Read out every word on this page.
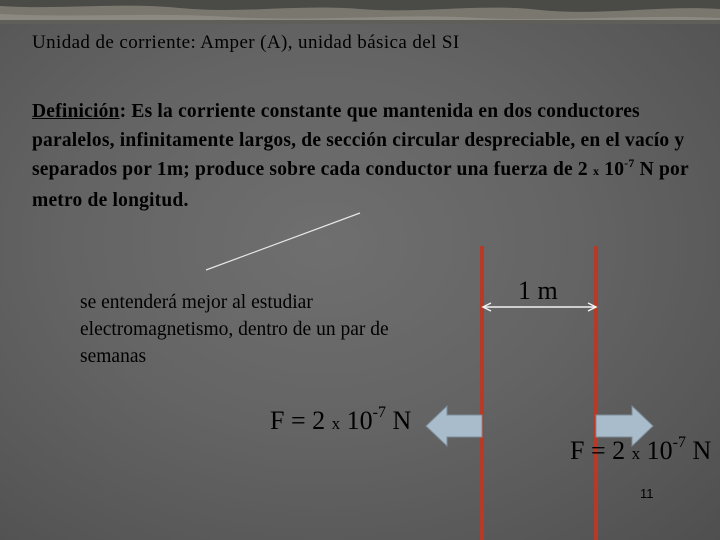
Unidad de corriente: Amper (A), unidad básica del SI
Definición: Es la corriente constante que mantenida en dos conductores paralelos, infinitamente largos, de sección circular despreciable, en el vacío y separados por 1m; produce sobre cada conductor una fuerza de 2 x $10^{-7}$ N por metro de longitud.
se entenderá mejor al estudiar electromagnetismo, dentro de un par de semanas
1 m
F = 2 x $10^{-7}$ N
F = 2 x $10^{-7}$ N
11
